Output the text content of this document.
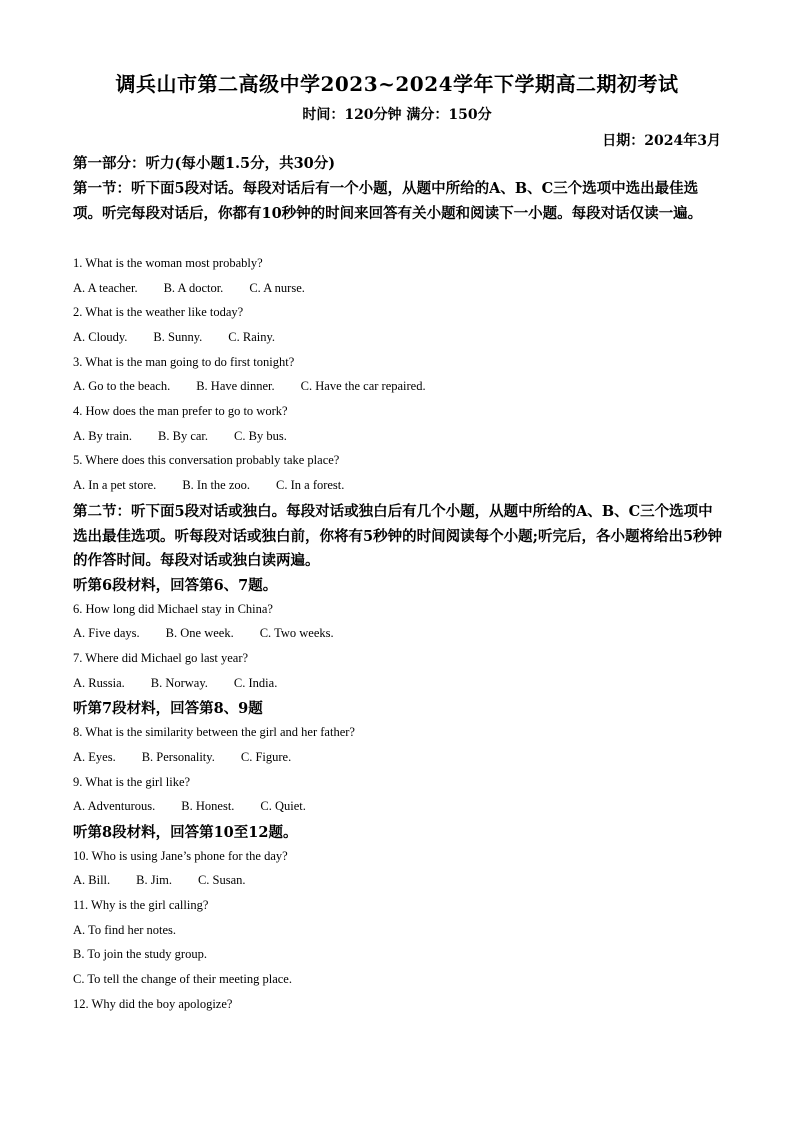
调兵山市第二高级中学2023~2024学年下学期高二期初考试
时间：120分钟 满分：150分
日期：2024年3月
第一部分：听力(每小题1.5分，共30分)
第一节：听下面5段对话。每段对话后有一个小题，从题中所给的A、B、C三个选项中选出最佳选项。听完每段对话后，你都有10秒钟的时间来回答有关小题和阅读下一小题。每段对话仅读一遍。
1. What is the woman most probably?
A. A teacher. B. A doctor. C. A nurse.
2. What is the weather like today?
A. Cloudy. B. Sunny. C. Rainy.
3. What is the man going to do first tonight?
A. Go to the beach. B. Have dinner. C. Have the car repaired.
4. How does the man prefer to go to work?
A. By train. B. By car. C. By bus.
5. Where does this conversation probably take place?
A. In a pet store. B. In the zoo. C. In a forest.
第二节：听下面5段对话或独白。每段对话或独白后有几个小题，从题中所给的A、B、C三个选项中选出最佳选项。听每段对话或独白前，你将有5秒钟的时间阅读每个小题;听完后，各小题将给出5秒钟的作答时间。每段对话或独白读两遍。
听第6段材料，回答第6、7题。
6. How long did Michael stay in China?
A. Five days. B. One week. C. Two weeks.
7. Where did Michael go last year?
A. Russia. B. Norway. C. India.
听第7段材料，回答第8、9题
8. What is the similarity between the girl and her father?
A. Eyes. B. Personality. C. Figure.
9. What is the girl like?
A. Adventurous. B. Honest. C. Quiet.
听第8段材料，回答第10至12题。
10. Who is using Jane’s phone for the day?
A. Bill. B. Jim. C. Susan.
11. Why is the girl calling?
A. To find her notes.
B. To join the study group.
C. To tell the change of their meeting place.
12. Why did the boy apologize?
